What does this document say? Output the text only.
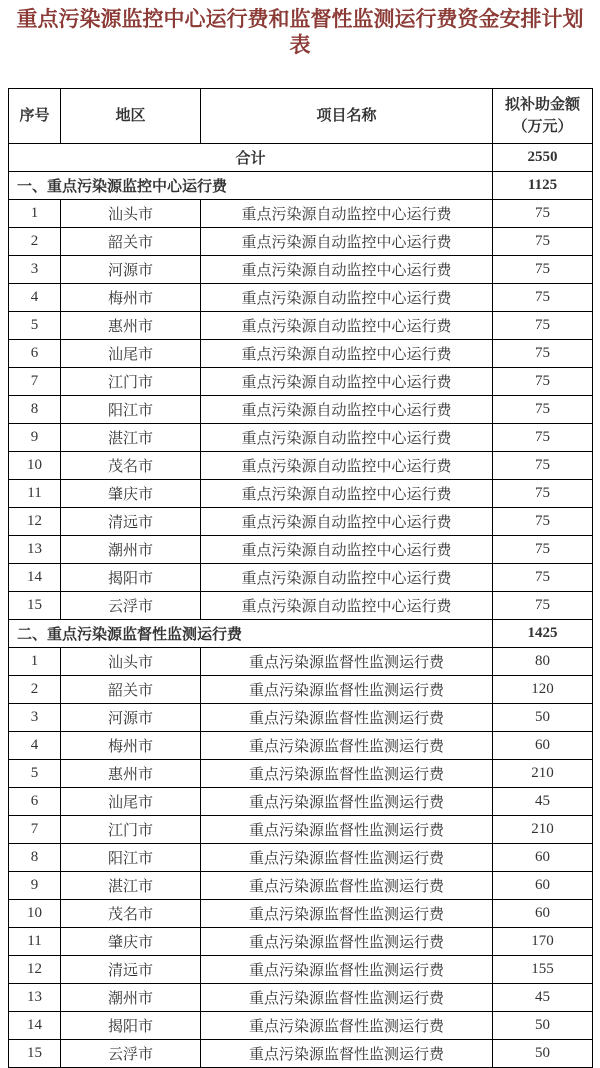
重点污染源监控中心运行费和监督性监测运行费资金安排计划表
序号	地区	项目名称	拟补助金额
（万元）

合计			2550
一、重点污染源监控中心运行费			1125
1	汕头市	重点污染源自动监控中心运行费	75
2	韶关市	重点污染源自动监控中心运行费	75
3	河源市	重点污染源自动监控中心运行费	75
4	梅州市	重点污染源自动监控中心运行费	75
5	惠州市	重点污染源自动监控中心运行费	75
6	汕尾市	重点污染源自动监控中心运行费	75
7	江门市	重点污染源自动监控中心运行费	75
8	阳江市	重点污染源自动监控中心运行费	75
9	湛江市	重点污染源自动监控中心运行费	75
10	茂名市	重点污染源自动监控中心运行费	75
11	肇庆市	重点污染源自动监控中心运行费	75
12	清远市	重点污染源自动监控中心运行费	75
13	潮州市	重点污染源自动监控中心运行费	75
14	揭阳市	重点污染源自动监控中心运行费	75
15	云浮市	重点污染源自动监控中心运行费	75
二、重点污染源监督性监测运行费			1425
1	汕头市	重点污染源监督性监测运行费	80
2	韶关市	重点污染源监督性监测运行费	120
3	河源市	重点污染源监督性监测运行费	50
4	梅州市	重点污染源监督性监测运行费	60
5	惠州市	重点污染源监督性监测运行费	210
6	汕尾市	重点污染源监督性监测运行费	45
7	江门市	重点污染源监督性监测运行费	210
8	阳江市	重点污染源监督性监测运行费	60
9	湛江市	重点污染源监督性监测运行费	60
10	茂名市	重点污染源监督性监测运行费	60
11	肇庆市	重点污染源监督性监测运行费	170
12	清远市	重点污染源监督性监测运行费	155
13	潮州市	重点污染源监督性监测运行费	45
14	揭阳市	重点污染源监督性监测运行费	50
15	云浮市	重点污染源监督性监测运行费	50
